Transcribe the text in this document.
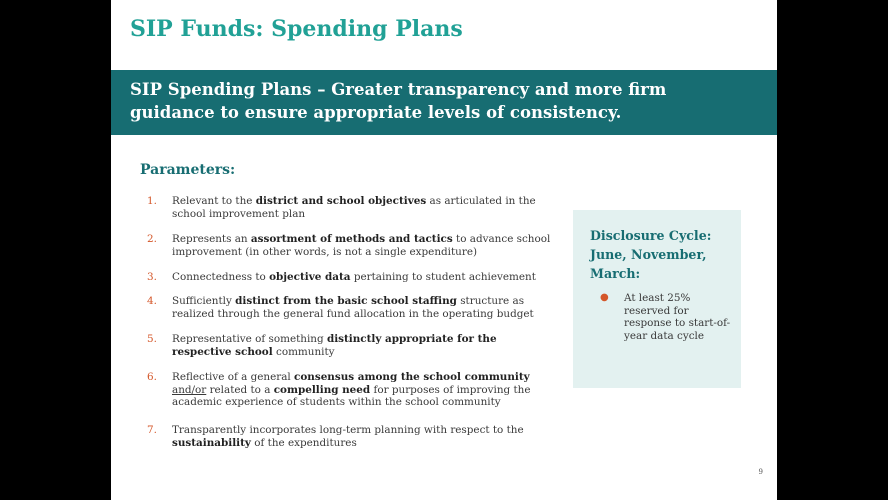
SIP Funds: Spending Plans
SIP Spending Plans – Greater transparency and more firm
guidance to ensure appropriate levels of consistency.
Parameters:
1.	Relevant to the district and school objectives as articulated in the school improvement plan
2.	Represents an assortment of methods and tactics to advance school improvement (in other words, is not a single expenditure)
3.	Connectedness to objective data pertaining to student achievement
4.	Sufficiently distinct from the basic school staffing structure as realized through the general fund allocation in the operating budget
5.	Representative of something distinctly appropriate for the respective school community
6.	Reflective of a general consensus among the school community and/or related to a compelling need for purposes of improving the academic experience of students within the school community
7.	Transparently incorporates long-term planning with respect to the sustainability of the expenditures

Disclosure Cycle: June, November, March:

● At least 25% reserved for response to start-of-year data cycle
9
